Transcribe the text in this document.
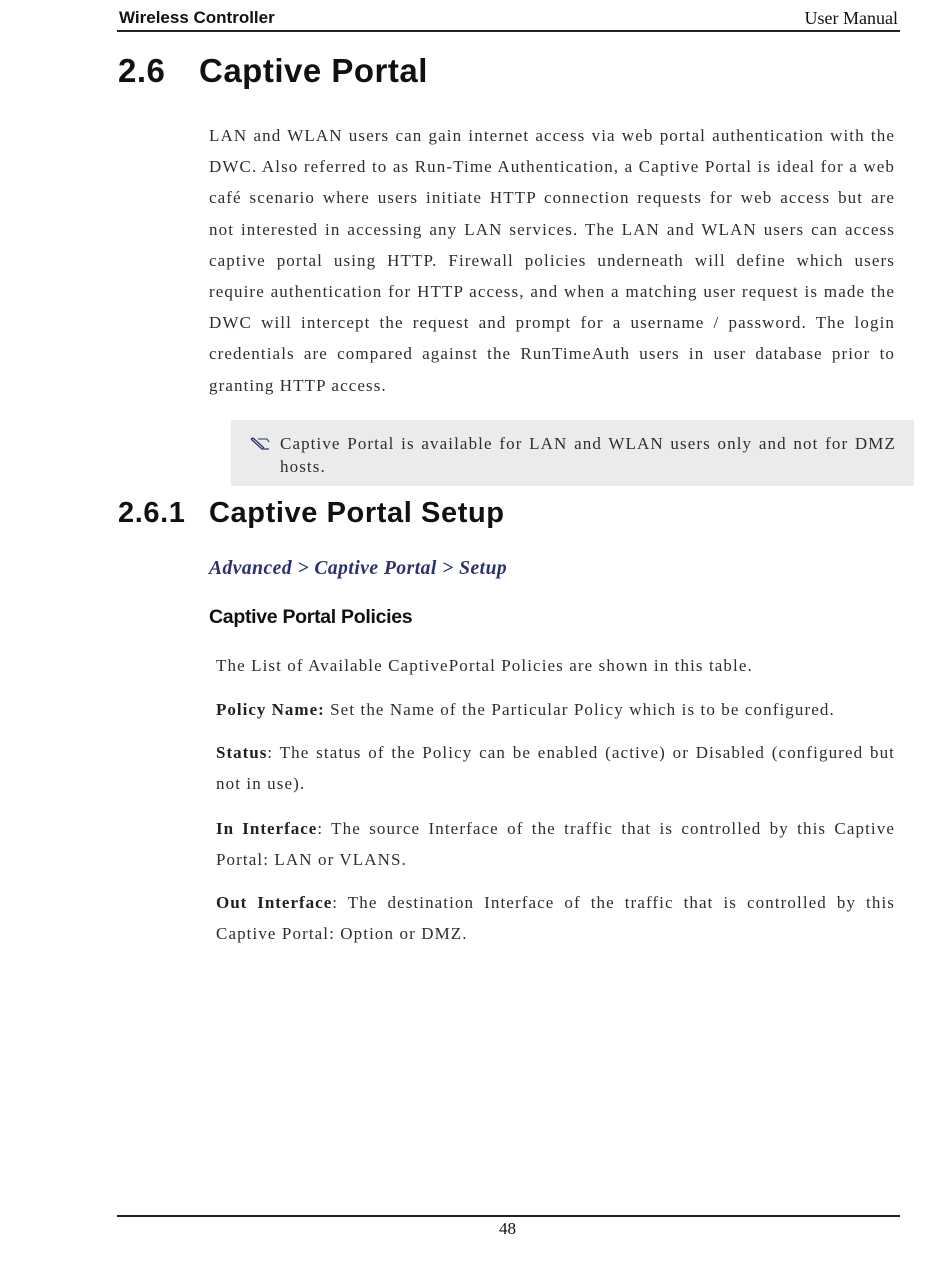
Wireless Controller	User Manual
2.6 Captive Portal
LAN and WLAN users can gain internet access via web portal authentication with the DWC. Also referred to as Run-Time Authentication, a Captive Portal is ideal for a web café scenario where users initiate HTTP connection requests for web access but are not interested in accessing any LAN services. The LAN and WLAN users can access captive portal using HTTP. Firewall policies underneath will define which users require authentication for HTTP access, and when a matching user request is made the DWC will intercept the request and prompt for a username / password. The login credentials are compared against the RunTimeAuth users in user database prior to granting HTTP access.
Captive Portal is available for LAN and WLAN users only and not for DMZ hosts.
2.6.1 Captive Portal Setup
Advanced > Captive Portal > Setup
Captive Portal Policies
The List of Available CaptivePortal Policies are shown in this table.
Policy Name: Set the Name of the Particular Policy which is to be configured.
Status: The status of the Policy can be enabled (active) or Disabled (configured but not in use).
In Interface: The source Interface of the traffic that is controlled by this Captive Portal: LAN or VLANS.
Out Interface: The destination Interface of the traffic that is controlled by this Captive Portal: Option or DMZ.
48
